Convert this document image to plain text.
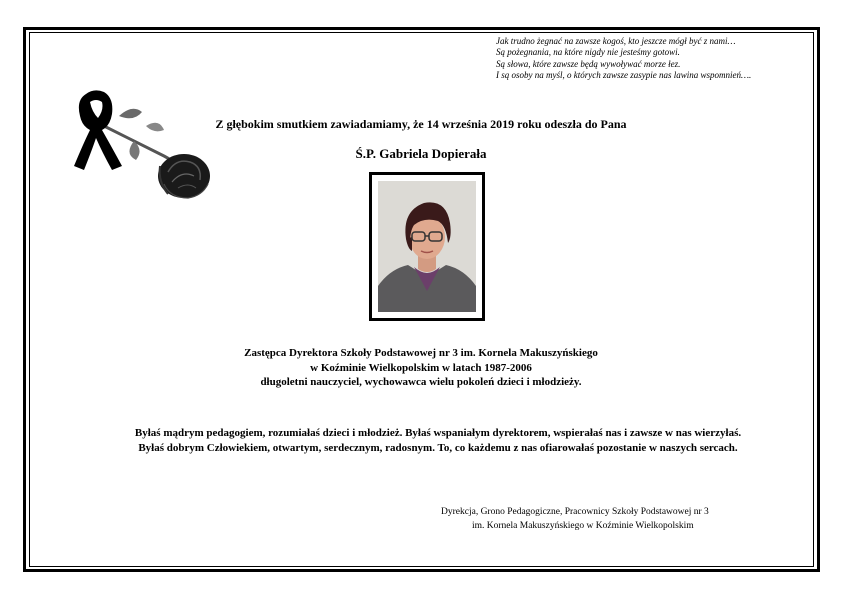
Jak trudno żegnać na zawsze kogoś, kto jeszcze mógł być z nami…
Są pożegnania, na które nigdy nie jesteśmy gotowi.
Są słowa, które zawsze będą wywoływać morze łez.
I są osoby na myśl, o których zawsze zasypie nas lawina wspomnień….
Z głębokim smutkiem zawiadamiamy, że 14 września 2019 roku odeszła do Pana
Ś.P. Gabriela Dopierała
Zastępca Dyrektora Szkoły Podstawowej nr 3 im. Kornela Makuszyńskiego
w Koźminie Wielkopolskim w latach 1987-2006
długoletni nauczyciel, wychowawca wielu pokoleń dzieci i młodzieży.
Byłaś mądrym pedagogiem, rozumiałaś dzieci i młodzież. Byłaś wspaniałym dyrektorem, wspierałaś nas i zawsze w nas wierzyłaś.
Byłaś dobrym Człowiekiem, otwartym, serdecznym, radosnym. To, co każdemu z nas ofiarowałaś pozostanie w naszych sercach.
Dyrekcja, Grono Pedagogiczne, Pracownicy Szkoły Podstawowej nr 3
im. Kornela Makuszyńskiego w Koźminie Wielkopolskim
